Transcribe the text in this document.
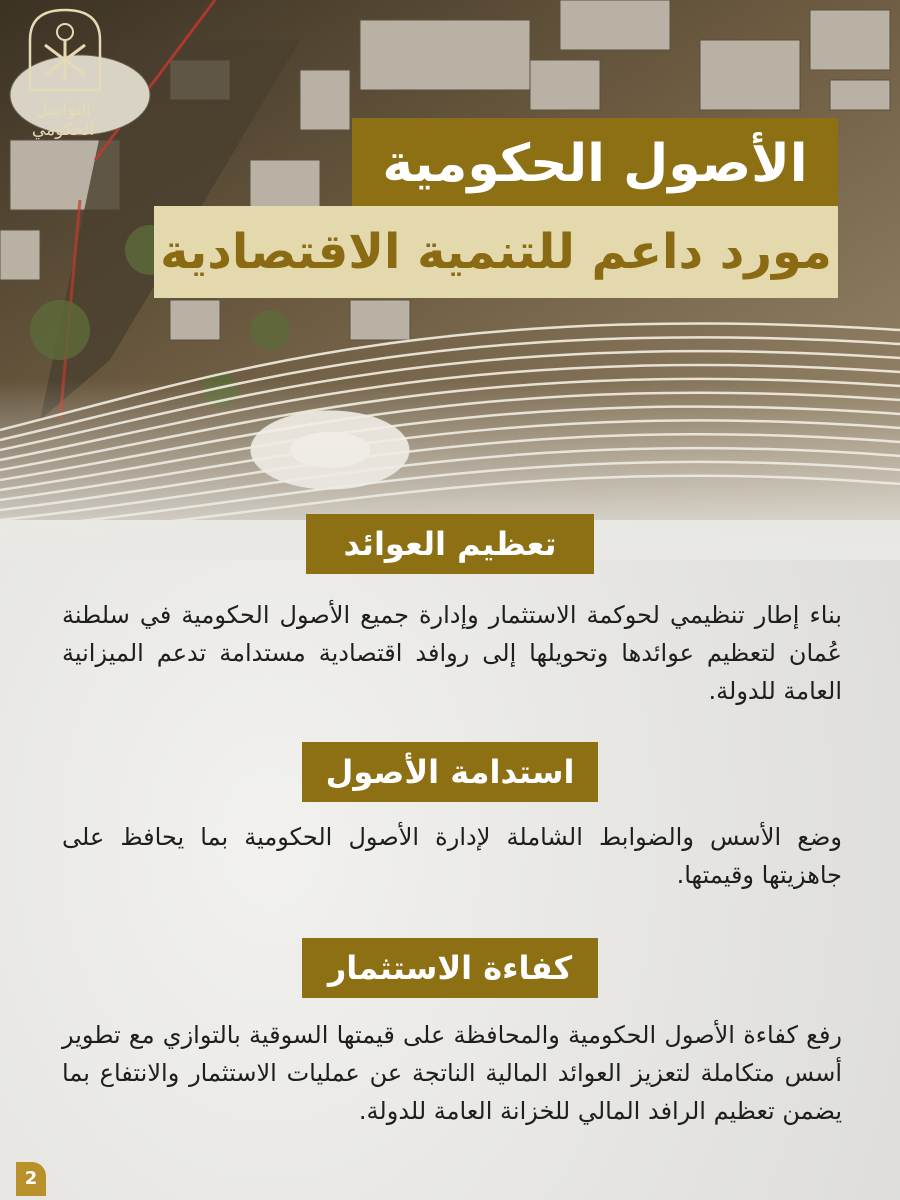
التواصل
الحكومي
الأصول الحكومية
مورد داعم للتنمية الاقتصادية
تعظيم العوائد
بناء إطار تنظيمي لحوكمة الاستثمار وإدارة جميع الأصول الحكومية في سلطنة عُمان لتعظيم عوائدها وتحويلها إلى روافد اقتصادية مستدامة تدعم الميزانية العامة للدولة.
استدامة الأصول
وضع الأسس والضوابط الشاملة لإدارة الأصول الحكومية بما يحافظ على جاهزيتها وقيمتها.
كفاءة الاستثمار
رفع كفاءة الأصول الحكومية والمحافظة على قيمتها السوقية بالتوازي مع تطوير أسس متكاملة لتعزيز العوائد المالية الناتجة عن عمليات الاستثمار والانتفاع بما يضمن تعظيم الرافد المالي للخزانة العامة للدولة.
2
